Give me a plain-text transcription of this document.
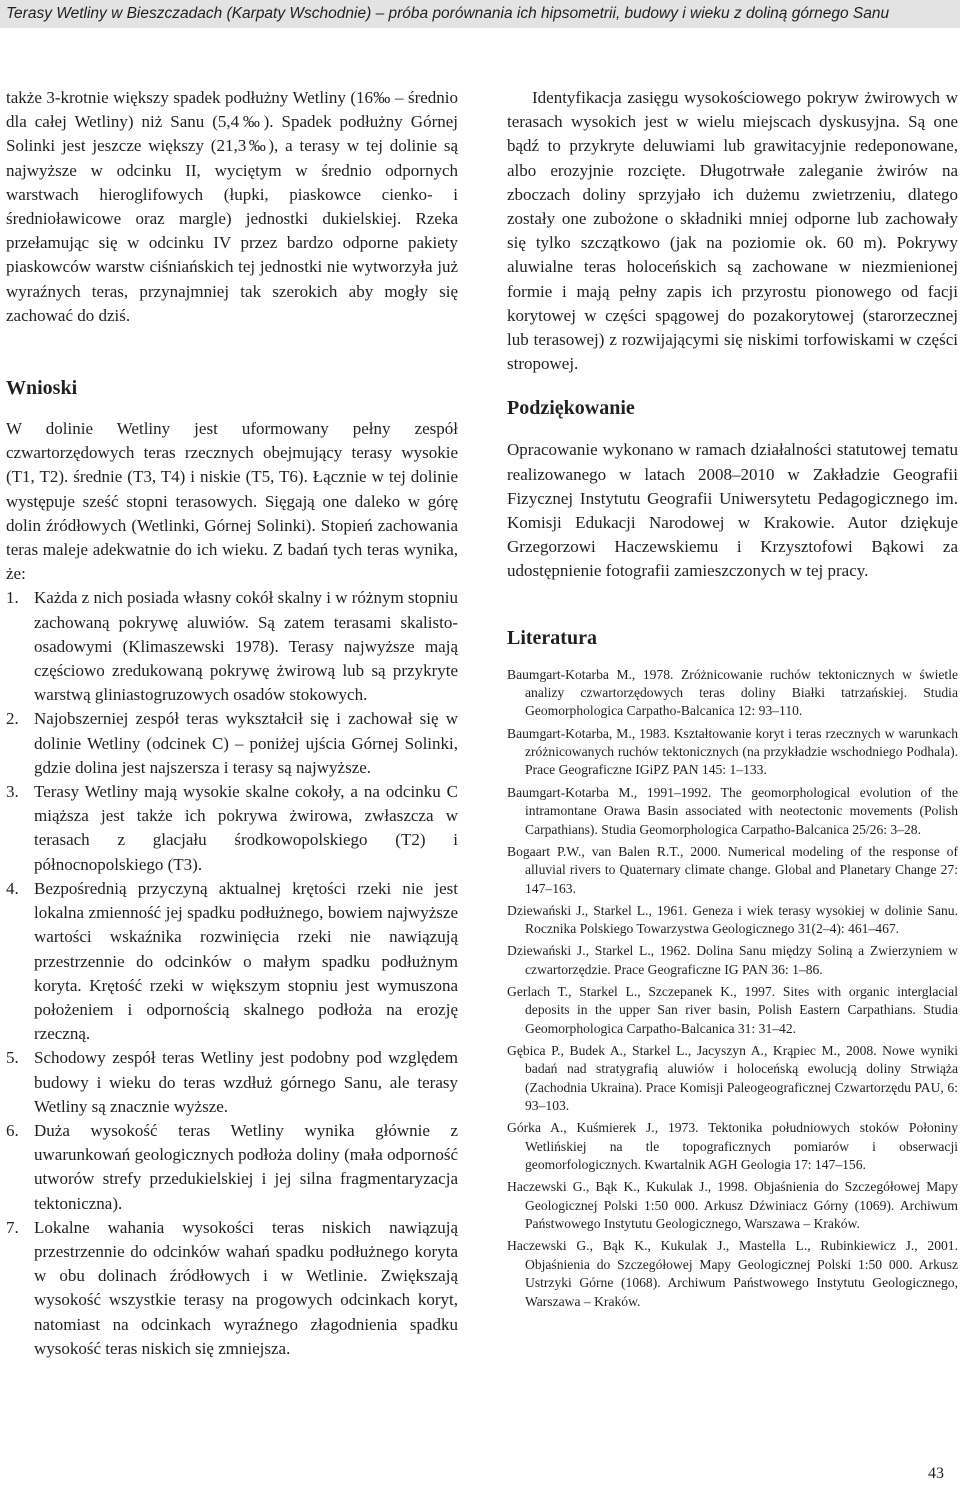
Terasy Wetliny w Bieszczadach (Karpaty Wschodnie) – próba porównania ich hipsometrii, budowy i wieku z doliną górnego Sanu

także 3-krotnie większy spadek podłużny Wetliny (16‰ – średnio dla całej Wetliny) niż Sanu (5,4‰). Spadek podłużny Górnej Solinki jest jeszcze większy (21,3‰), a terasy w tej dolinie są najwyższe w odcinku II, wyciętym w średnio odpornych warstwach hieroglifowych (łupki, piaskowce cienko- i średnioławicowe oraz margle) jednostki dukielskiej. Rzeka przełamując się w odcinku IV przez bardzo odporne pakiety piaskowców warstw ciśniańskich tej jednostki nie wytworzyła już wyraźnych teras, przynajmniej tak szerokich aby mogły się zachować do dziś.

Wnioski

W dolinie Wetliny jest uformowany pełny zespół czwartorzędowych teras rzecznych obejmujący terasy wysokie (T1, T2). średnie (T3, T4) i niskie (T5, T6). Łącznie w tej dolinie występuje sześć stopni terasowych. Sięgają one daleko w górę dolin źródłowych (Wetlinki, Górnej Solinki). Stopień zachowania teras maleje adekwatnie do ich wieku. Z badań tych teras wynika, że:

1. Każda z nich posiada własny cokół skalny i w różnym stopniu zachowaną pokrywę aluwiów. Są zatem terasami skalisto-osadowymi (Klimaszewski 1978). Terasy najwyższe mają częściowo zredukowaną pokrywę żwirową lub są przykryte warstwą gliniastogruzowych osadów stokowych.
2. Najobszerniej zespół teras wykształcił się i zachował się w dolinie Wetliny (odcinek C) – poniżej ujścia Górnej Solinki, gdzie dolina jest najszersza i terasy są najwyższe.
3. Terasy Wetliny mają wysokie skalne cokoły, a na odcinku C miąższa jest także ich pokrywa żwirowa, zwłaszcza w terasach z glacjału środkowopolskiego (T2) i północnopolskiego (T3).
4. Bezpośrednią przyczyną aktualnej krętości rzeki nie jest lokalna zmienność jej spadku podłużnego, bowiem najwyższe wartości wskaźnika rozwinięcia rzeki nie nawiązują przestrzennie do odcinków o małym spadku podłużnym koryta. Krętość rzeki w większym stopniu jest wymuszona położeniem i odpornością skalnego podłoża na erozję rzeczną.
5. Schodowy zespół teras Wetliny jest podobny pod względem budowy i wieku do teras wzdłuż górnego Sanu, ale terasy Wetliny są znacznie wyższe.
6. Duża wysokość teras Wetliny wynika głównie z uwarunkowań geologicznych podłoża doliny (mała odporność utworów strefy przedukielskiej i jej silna fragmentaryzacja tektoniczna).
7. Lokalne wahania wysokości teras niskich nawiązują przestrzennie do odcinków wahań spadku podłużnego koryta w obu dolinach źródłowych i w Wetlinie. Zwiększają wysokość wszystkie terasy na progowych odcinkach koryt, natomiast na odcinkach wyraźnego złagodnienia spadku wysokość teras niskich się zmniejsza.

Identyfikacja zasięgu wysokościowego pokryw żwirowych w terasach wysokich jest w wielu miejscach dyskusyjna. Są one bądź to przykryte deluwiami lub grawitacyjnie redeponowane, albo erozyjnie rozcięte. Długotrwałe zaleganie żwirów na zboczach doliny sprzyjało ich dużemu zwietrzeniu, dlatego zostały one zubożone o składniki mniej odporne lub zachowały się tylko szczątkowo (jak na poziomie ok. 60 m). Pokrywy aluwialne teras holoceńskich są zachowane w niezmienionej formie i mają pełny zapis ich przyrostu pionowego od facji korytowej w części spągowej do pozakorytowej (starorzecznej lub terasowej) z rozwijającymi się niskimi torfowiskami w części stropowej.

Podziękowanie

Opracowanie wykonano w ramach działalności statutowej tematu realizowanego w latach 2008–2010 w Zakładzie Geografii Fizycznej Instytutu Geografii Uniwersytetu Pedagogicznego im. Komisji Edukacji Narodowej w Krakowie. Autor dziękuje Grzegorzowi Haczewskiemu i Krzysztofowi Bąkowi za udostępnienie fotografii zamieszczonych w tej pracy.

Literatura
Baumgart-Kotarba M., 1978. Zróżnicowanie ruchów tektonicznych w świetle analizy czwartorzędowych teras doliny Białki tatrzańskiej. Studia Geomorphologica Carpatho-Balcanica 12: 93–110.
Baumgart-Kotarba, M., 1983. Kształtowanie koryt i teras rzecznych w warunkach zróżnicowanych ruchów tektonicznych (na przykładzie wschodniego Podhala). Prace Geograficzne IGiPZ PAN 145: 1–133.
Baumgart-Kotarba M., 1991–1992. The geomorphological evolution of the intramontane Orawa Basin associated with neotectonic movements (Polish Carpathians). Studia Geomorphologica Carpatho-Balcanica 25/26: 3–28.
Bogaart P.W., van Balen R.T., 2000. Numerical modeling of the response of alluvial rivers to Quaternary climate change. Global and Planetary Change 27: 147–163.
Dziewański J., Starkel L., 1961. Geneza i wiek terasy wysokiej w dolinie Sanu. Rocznika Polskiego Towarzystwa Geologicznego 31(2–4): 461–467.
Dziewański J., Starkel L., 1962. Dolina Sanu między Soliną a Zwierzyniem w czwartorzędzie. Prace Geograficzne IG PAN 36: 1–86.
Gerlach T., Starkel L., Szczepanek K., 1997. Sites with organic interglacial deposits in the upper San river basin, Polish Eastern Carpathians. Studia Geomorphologica Carpatho-Balcanica 31: 31–42.
Gębica P., Budek A., Starkel L., Jacyszyn A., Krąpiec M., 2008. Nowe wyniki badań nad stratygrafią aluwiów i holoceńską ewolucją doliny Strwiąża (Zachodnia Ukraina). Prace Komisji Paleogeograficznej Czwartorzędu PAU, 6: 93–103.
Górka A., Kuśmierek J., 1973. Tektonika południowych stoków Połoniny Wetlińskiej na tle topograficznych pomiarów i obserwacji geomorfologicznych. Kwartalnik AGH Geologia 17: 147–156.
Haczewski G., Bąk K., Kukulak J., 1998. Objaśnienia do Szczegółowej Mapy Geologicznej Polski 1:50 000. Arkusz Dźwiniacz Górny (1069). Archiwum Państwowego Instytutu Geologicznego, Warszawa – Kraków.
Haczewski G., Bąk K., Kukulak J., Mastella L., Rubinkiewicz J., 2001. Objaśnienia do Szczegółowej Mapy Geologicznej Polski 1:50 000. Arkusz Ustrzyki Górne (1068). Archiwum Państwowego Instytutu Geologicznego, Warszawa – Kraków.
43
